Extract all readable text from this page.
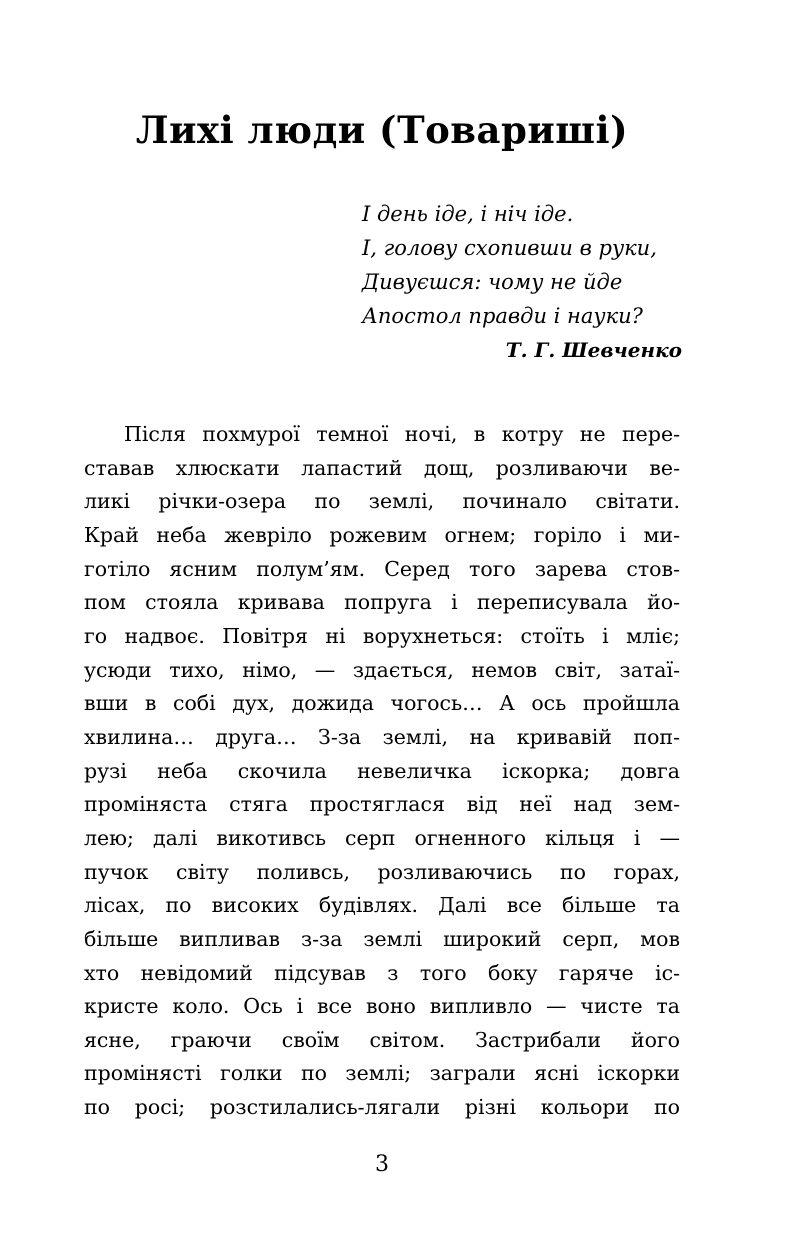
Лихі люди (Товариші)
І день іде, і ніч іде.
І, голову схопивши в руки,
Дивуєшся: чому не йде
Апостол правди і науки?
Т. Г. Шевченко
Після похмурої темної ночі, в котру не пере-
ставав хлюскати лапастий дощ, розливаючи ве-
ликі річки-озера по землі, починало світати.
Край неба жевріло рожевим огнем; горіло і ми-
готіло ясним полум’ям. Серед того зарева стов-
пом стояла кривава попруга і переписувала йо-
го надвоє. Повітря ні ворухнеться: стоїть і мліє;
усюди тихо, німо, — здається, немов світ, затаї-
вши в собі дух, дожида чогось… А ось пройшла
хвилина… друга… З-за землі, на кривавій поп-
рузі неба скочила невеличка іскорка; довга
проміняста стяга простяглася від неї над зем-
лею; далі викотивсь серп огненного кільця і —
пучок світу поливсь, розливаючись по горах,
лісах, по високих будівлях. Далі все більше та
більше випливав з-за землі широкий серп, мов
хто невідомий підсував з того боку гаряче іс-
кристе коло. Ось і все воно випливло — чисте та
ясне, граючи своїм світом. Застрибали його
проміняcті голки по землі; заграли ясні іскорки
по росі; розстилались-лягали різні кольори по
3
